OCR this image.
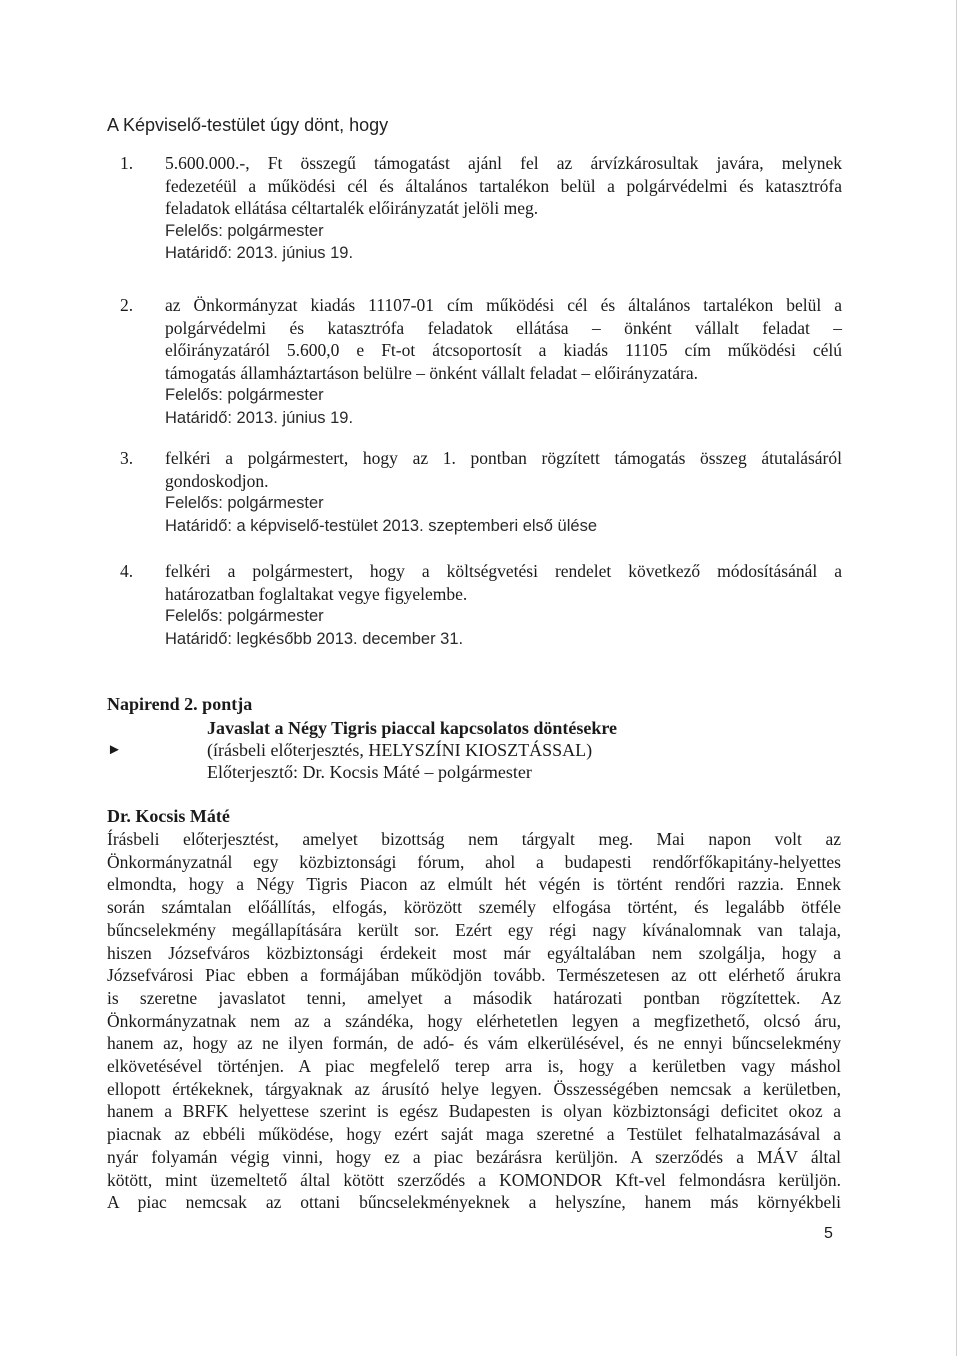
A Képviselő-testület úgy dönt, hogy
1.	5.600.000.-, Ft összegű támogatást ajánl fel az árvízkárosultak javára, melynek
fedezetéül a működési cél és általános tartalékon belül a polgárvédelmi és katasztrófa
feladatok ellátása céltartalék előirányzatát jelöli meg.
Felelős: polgármester
Határidő: 2013. június 19.
2.	az Önkormányzat kiadás 11107-01 cím működési cél és általános tartalékon belül a
polgárvédelmi és katasztrófa feladatok ellátása – önként vállalt feladat –
előirányzatáról 5.600,0 e Ft-ot átcsoportosít a kiadás 11105 cím működési célú
támogatás államháztartáson belülre – önként vállalt feladat – előirányzatára.
Felelős: polgármester
Határidő: 2013. június 19.
3.	felkéri a polgármestert, hogy az 1. pontban rögzített támogatás összeg átutalásáról
gondoskodjon.
Felelős: polgármester
Határidő: a képviselő-testület 2013. szeptemberi első ülése
4.	felkéri a polgármestert, hogy a költségvetési rendelet következő módosításánál a
határozatban foglaltakat vegye figyelembe.
Felelős: polgármester
Határidő: legkésőbb 2013. december 31.
Napirend 2. pontja
►
Javaslat a Négy Tigris piaccal kapcsolatos döntésekre
(írásbeli előterjesztés, HELYSZÍNI KIOSZTÁSSAL)
Előterjesztő: Dr. Kocsis Máté – polgármester
Dr. Kocsis Máté
Írásbeli előterjesztést, amelyet bizottság nem tárgyalt meg. Mai napon volt az
Önkormányzatnál egy közbiztonsági fórum, ahol a budapesti rendőrfőkapitány-helyettes
elmondta, hogy a Négy Tigris Piacon az elmúlt hét végén is történt rendőri razzia. Ennek
során számtalan előállítás, elfogás, körözött személy elfogása történt, és legalább ötféle
bűncselekmény megállapítására került sor. Ezért egy régi nagy kívánalomnak van talaja,
hiszen Józsefváros közbiztonsági érdekeit most már egyáltalában nem szolgálja, hogy a
Józsefvárosi Piac ebben a formájában működjön tovább. Természetesen az ott elérhető árukra
is szeretne javaslatot tenni, amelyet a második határozati pontban rögzítettek. Az
Önkormányzatnak nem az a szándéka, hogy elérhetetlen legyen a megfizethető, olcsó áru,
hanem az, hogy az ne ilyen formán, de adó- és vám elkerülésével, és ne ennyi bűncselekmény
elkövetésével történjen. A piac megfelelő terep arra is, hogy a kerületben vagy máshol
ellopott értékeknek, tárgyaknak az árusító helye legyen. Összességében nemcsak a kerületben,
hanem a BRFK helyettese szerint is egész Budapesten is olyan közbiztonsági deficitet okoz a
piacnak az ebbéli működése, hogy ezért saját maga szeretné a Testület felhatalmazásával a
nyár folyamán végig vinni, hogy ez a piac bezárásra kerüljön. A szerződés a MÁV által
kötött, mint üzemeltető által kötött szerződés a KOMONDOR Kft-vel felmondásra kerüljön.
A piac nemcsak az ottani bűncselekményeknek a helyszíne, hanem más környékbeli
5
